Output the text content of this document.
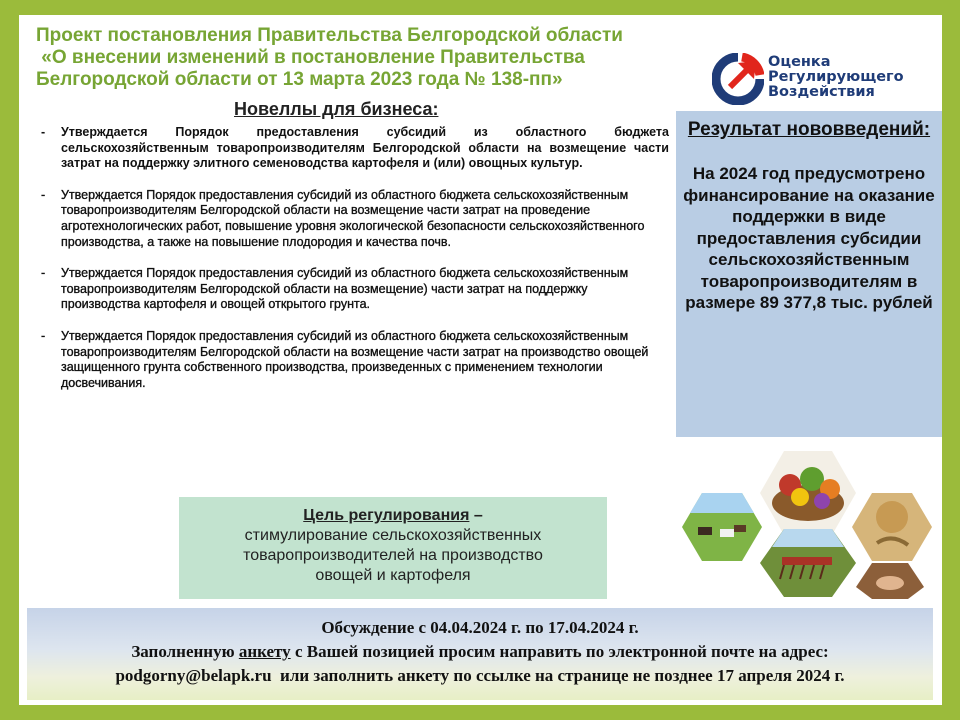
Проект постановления Правительства Белгородской области
«О внесении изменений в постановление Правительства
Белгородской области от 13 марта 2023 года № 138-пп»
Оценка
Регулирующего
Воздействия
Новеллы для бизнеса:
-	Утверждается Порядок предоставления субсидий из областного бюджета сельскохозяйственным товаропроизводителям Белгородской области на возмещение части затрат на поддержку элитного семеноводства картофеля и (или) овощных культур.
-	Утверждается Порядок предоставления субсидий из областного бюджета сельскохозяйственным товаропроизводителям Белгородской области на возмещение части затрат на проведение агротехнологических работ, повышение уровня экологической безопасности сельскохозяйственного производства, а также на повышение плодородия и качества почв.
-	Утверждается Порядок предоставления субсидий из областного бюджета сельскохозяйственным товаропроизводителям Белгородской области на возмещение) части затрат на поддержку производства картофеля и овощей открытого грунта.
-	Утверждается Порядок предоставления субсидий из областного бюджета сельскохозяйственным товаропроизводителям Белгородской области на возмещение части затрат на производство овощей защищенного грунта собственного производства, произведенных с применением технологии досвечивания.
Результат нововведений:
На 2024 год предусмотрено финансирование на оказание поддержки в виде предоставления субсидии сельскохозяйственным товаропроизводителям в размере 89 377,8 тыс. рублей
Цель регулирования –
стимулирование сельскохозяйственных товаропроизводителей на производство овощей и картофеля
Обсуждение с 04.04.2024 г. по 17.04.2024 г.
Заполненную анкету с Вашей позицией просим направить по электронной почте на адрес:
podgorny@belapk.ru  или заполнить анкету по ссылке на странице не позднее 17 апреля 2024 г.
